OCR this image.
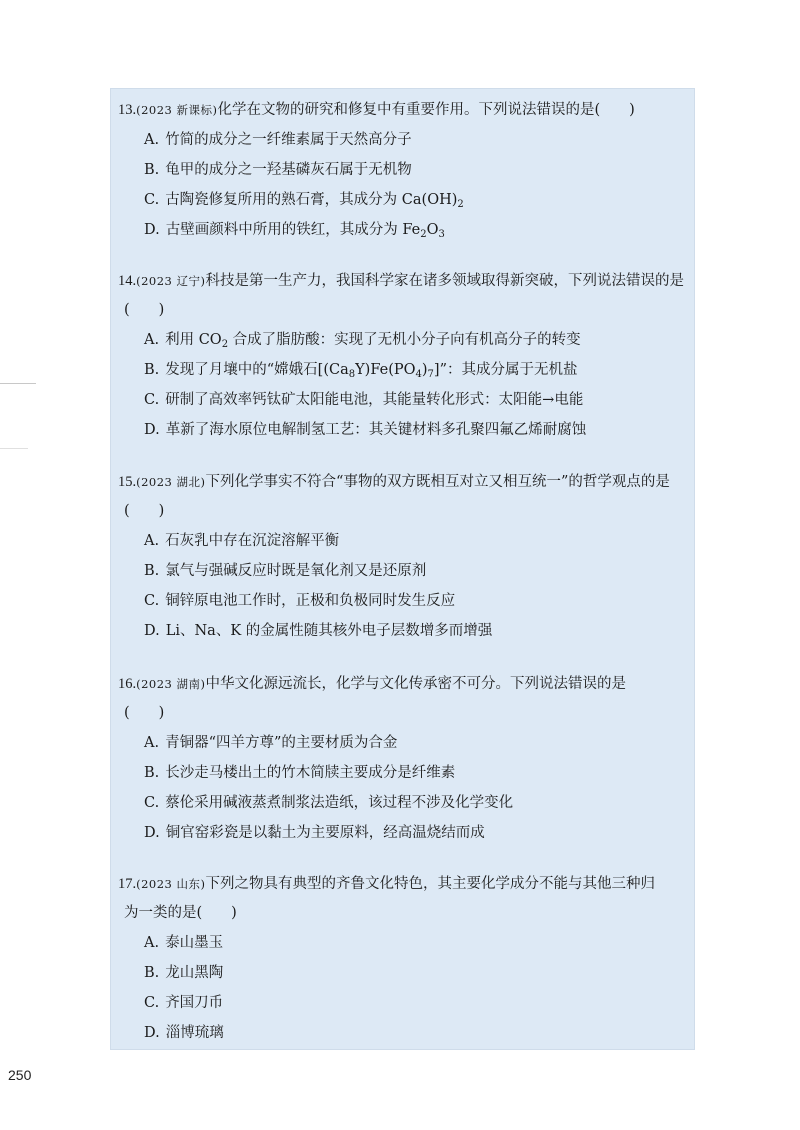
13.(2023 新课标)化学在文物的研究和修复中有重要作用。下列说法错误的是(　　)

A. 竹简的成分之一纤维素属于天然高分子

B. 龟甲的成分之一羟基磷灰石属于无机物

C. 古陶瓷修复所用的熟石膏，其成分为 $Ca(OH)_2$

D. 古壁画颜料中所用的铁红，其成分为 $Fe_2O_3$

14.(2023 辽宁)科技是第一生产力，我国科学家在诸多领域取得新突破，下列说法错误的是

(　　)

A. 利用 $CO_2$ 合成了脂肪酸：实现了无机小分子向有机高分子的转变

B. 发现了月壤中的“嫦娥石$[(Ca_8Y)Fe(PO_4)_7]$”：其成分属于无机盐

C. 研制了高效率钙钛矿太阳能电池，其能量转化形式：太阳能→电能

D. 革新了海水原位电解制氢工艺：其关键材料多孔聚四氟乙烯耐腐蚀

15.(2023 湖北)下列化学事实不符合“事物的双方既相互对立又相互统一”的哲学观点的是

(　　)

A. 石灰乳中存在沉淀溶解平衡

B. 氯气与强碱反应时既是氧化剂又是还原剂

C. 铜锌原电池工作时，正极和负极同时发生反应

D. Li、Na、K 的金属性随其核外电子层数增多而增强

16.(2023 湖南)中华文化源远流长，化学与文化传承密不可分。下列说法错误的是

(　　)

A. 青铜器“四羊方尊”的主要材质为合金

B. 长沙走马楼出土的竹木简牍主要成分是纤维素

C. 蔡伦采用碱液蒸煮制浆法造纸，该过程不涉及化学变化

D. 铜官窑彩瓷是以黏土为主要原料，经高温烧结而成

17.(2023 山东)下列之物具有典型的齐鲁文化特色，其主要化学成分不能与其他三种归

为一类的是(　　)

A. 泰山墨玉

B. 龙山黑陶

C. 齐国刀币

D. 淄博琉璃

250
